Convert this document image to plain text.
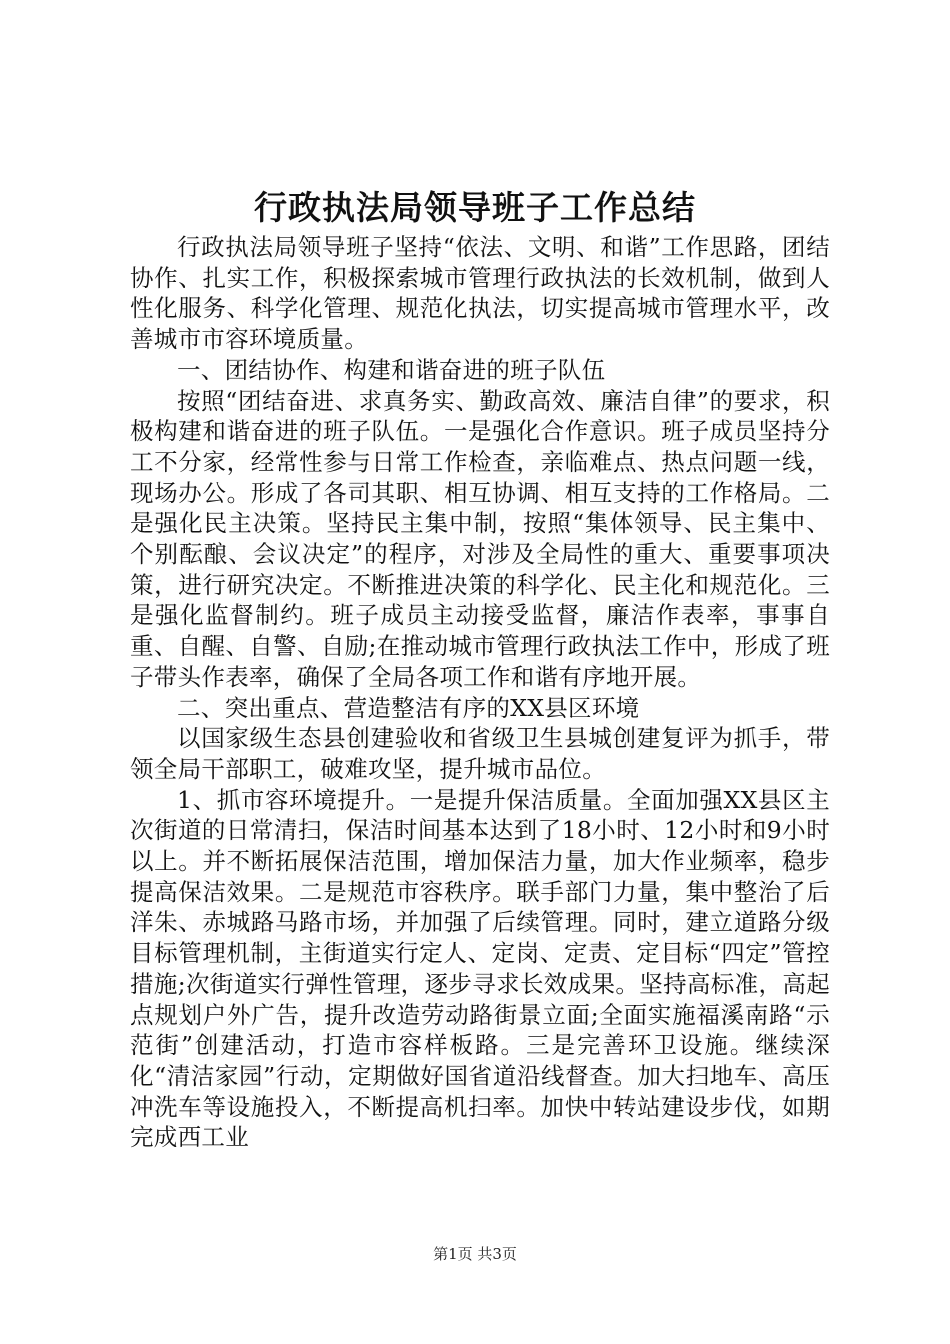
行政执法局领导班子工作总结

行政执法局领导班子坚持“依法、文明、和谐”工作思路，团结协作、扎实工作，积极探索城市管理行政执法的长效机制，做到人性化服务、科学化管理、规范化执法，切实提高城市管理水平，改善城市市容环境质量。

一、团结协作、构建和谐奋进的班子队伍

按照“团结奋进、求真务实、勤政高效、廉洁自律”的要求，积极构建和谐奋进的班子队伍。一是强化合作意识。班子成员坚持分工不分家，经常性参与日常工作检查，亲临难点、热点问题一线，现场办公。形成了各司其职、相互协调、相互支持的工作格局。二是强化民主决策。坚持民主集中制，按照“集体领导、民主集中、个别酝酿、会议决定”的程序，对涉及全局性的重大、重要事项决策，进行研究决定。不断推进决策的科学化、民主化和规范化。三是强化监督制约。班子成员主动接受监督，廉洁作表率，事事自重、自醒、自警、自励;在推动城市管理行政执法工作中，形成了班子带头作表率，确保了全局各项工作和谐有序地开展。

二、突出重点、营造整洁有序的XX县区环境

以国家级生态县创建验收和省级卫生县城创建复评为抓手，带领全局干部职工，破难攻坚，提升城市品位。

1、抓市容环境提升。一是提升保洁质量。全面加强XX县区主次街道的日常清扫，保洁时间基本达到了18小时、12小时和9小时以上。并不断拓展保洁范围，增加保洁力量，加大作业频率，稳步提高保洁效果。二是规范市容秩序。联手部门力量，集中整治了后洋朱、赤城路马路市场，并加强了后续管理。同时，建立道路分级目标管理机制，主街道实行定人、定岗、定责、定目标“四定”管控措施;次街道实行弹性管理，逐步寻求长效成果。坚持高标准，高起点规划户外广告，提升改造劳动路街景立面;全面实施福溪南路“示范街”创建活动，打造市容样板路。三是完善环卫设施。继续深化“清洁家园”行动，定期做好国省道沿线督查。加大扫地车、高压冲洗车等设施投入，不断提高机扫率。加快中转站建设步伐，如期完成西工业

第1页 共3页
